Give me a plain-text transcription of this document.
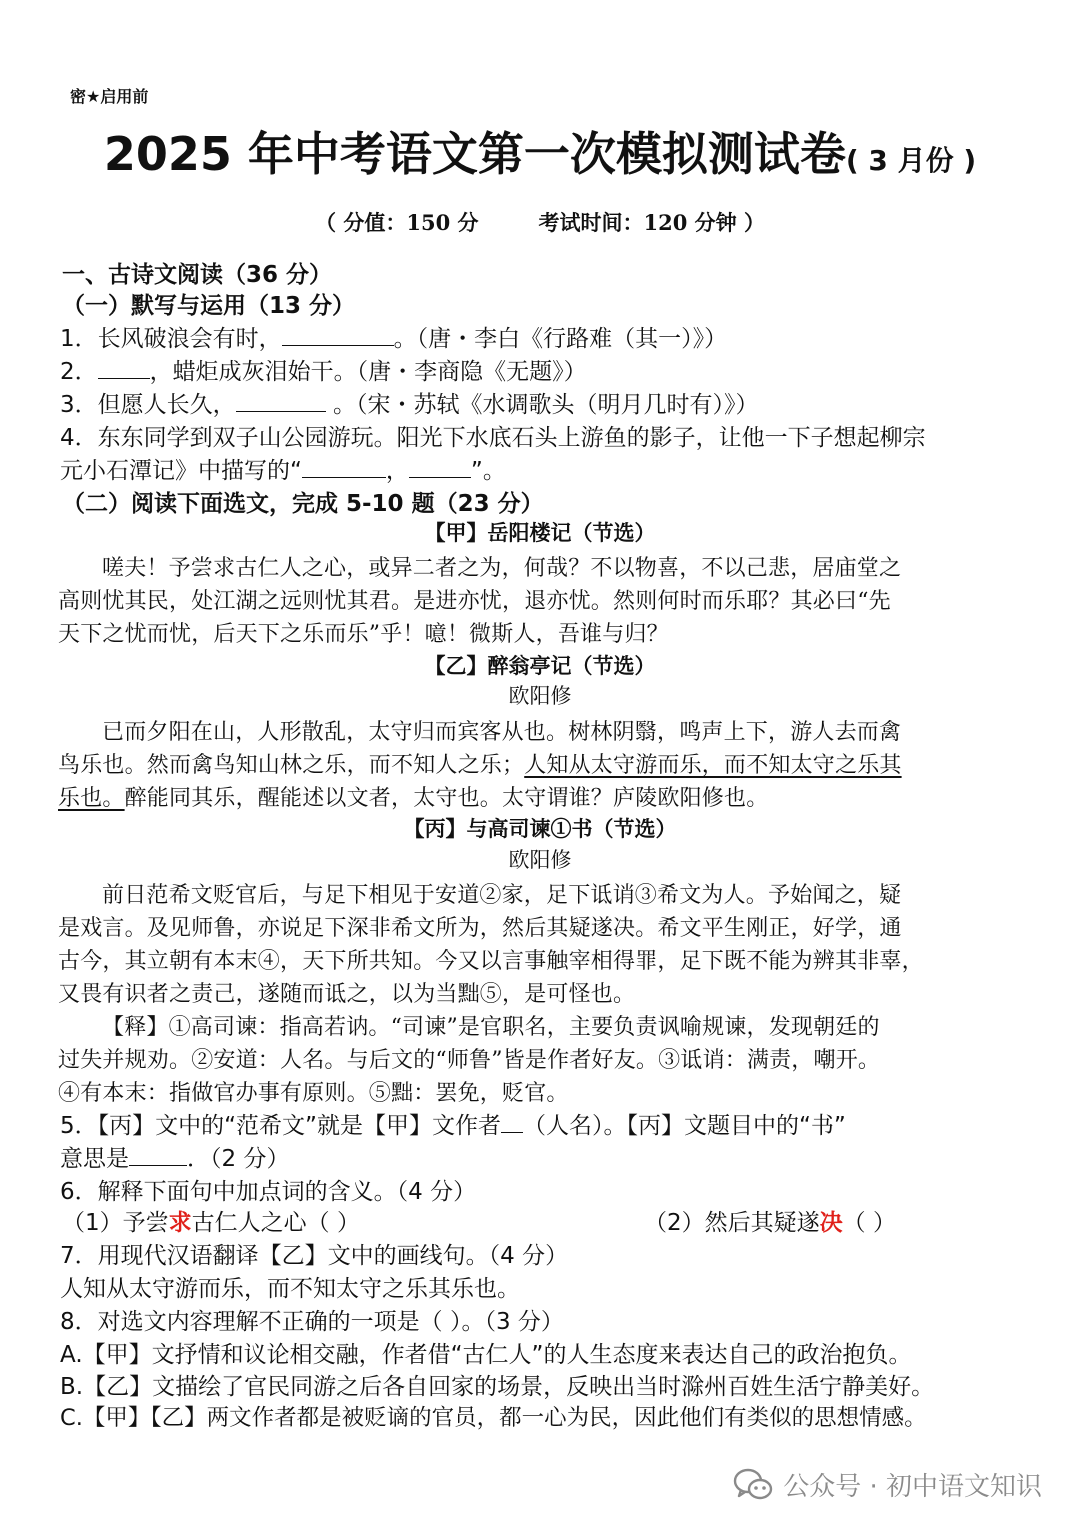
密★启用前
2025 年中考语文第一次模拟测试卷( 3 月份 )
（ 分值：150 分	考试时间：120 分钟 ）
一、古诗文阅读（36 分）
（一）默写与运用（13 分）
1．长风破浪会有时，	。（唐・李白《行路难（其一）》）
2． ，蜡炬成灰泪始干。（唐・李商隐《无题》）
3．但愿人长久，	。（宋・苏轼《水调歌头（明月几时有）》）
4．东东同学到双子山公园游玩。阳光下水底石头上游鱼的影子，让他一下子想起柳宗
元小石潭记》中描写的“	，	”。
（二）阅读下面选文，完成 5-10 题（23 分）
【甲】岳阳楼记（节选）
嗟夫！予尝求古仁人之心，或异二者之为，何哉？不以物喜，不以己悲，居庙堂之
高则忧其民，处江湖之远则忧其君。是进亦忧，退亦忧。然则何时而乐耶？其必曰“先
天下之忧而忧，后天下之乐而乐”乎！噫！微斯人，吾谁与归？
【乙】醉翁亭记（节选）
欧阳修
已而夕阳在山，人形散乱，太守归而宾客从也。树林阴翳，鸣声上下，游人去而禽
鸟乐也。然而禽鸟知山林之乐，而不知人之乐；人知从太守游而乐，而不知太守之乐其
乐也。醉能同其乐，醒能述以文者，太守也。太守谓谁？庐陵欧阳修也。
【丙】与高司谏①书（节选）
欧阳修
前日范希文贬官后，与足下相见于安道②家，足下诋诮③希文为人。予始闻之，疑
是戏言。及见师鲁，亦说足下深非希文所为，然后其疑遂决。希文平生刚正，好学，通
古今，其立朝有本末④，天下所共知。今又以言事触宰相得罪，足下既不能为辨其非辜，
又畏有识者之责己，遂随而诋之，以为当黜⑤，是可怪也。
【释】①高司谏：指高若讷。“司谏”是官职名，主要负责讽喻规谏，发现朝廷的
过失并规劝。②安道：人名。与后文的“师鲁”皆是作者好友。③诋诮：满责，嘲开。
④有本末：指做官办事有原则。⑤黜：罢免，贬官。
5．【丙】文中的“范希文”就是【甲】文作者 （人名）。【丙】文题目中的“书”
意思是	．（2 分）
6．解释下面句中加点词的含义。（4 分）
（1）予尝求古仁人之心（ ）	（2）然后其疑遂决（ ）
7．用现代汉语翻译【乙】文中的画线句。（4 分）
人知从太守游而乐，而不知太守之乐其乐也。
8．对选文内容理解不正确的一项是（ ）。（3 分）
A.【甲】文抒情和议论相交融，作者借“古仁人”的人生态度来表达自己的政治抱负。
B.【乙】文描绘了官民同游之后各自回家的场景，反映出当时滁州百姓生活宁静美好。
C.【甲】【乙】两文作者都是被贬谪的官员，都一心为民，因此他们有类似的思想情感。
公众号 · 初中语文知识
